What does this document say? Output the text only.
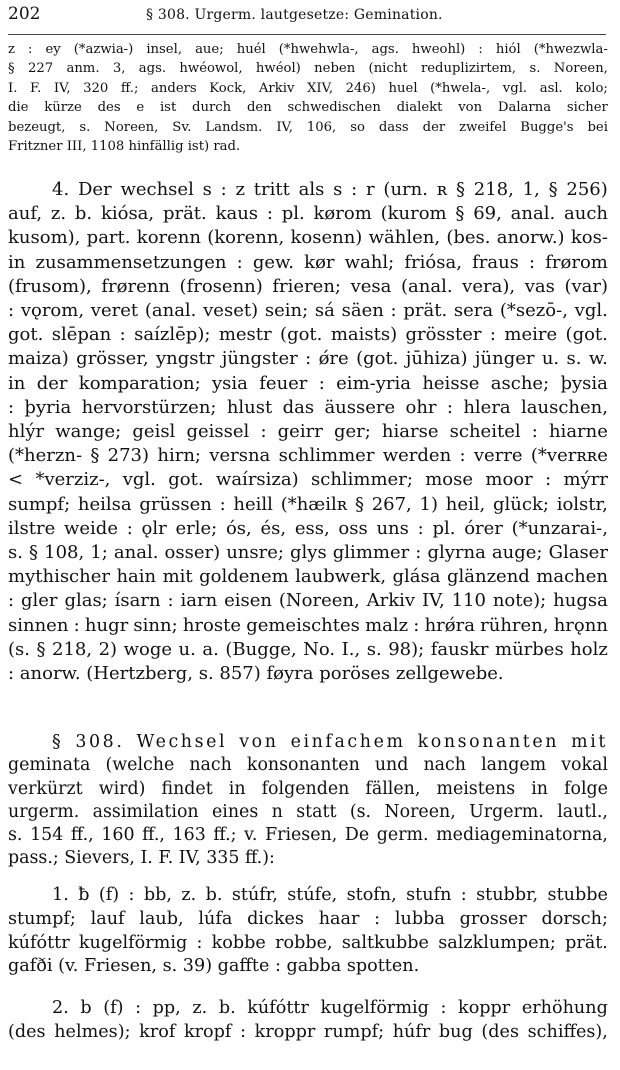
202	§ 308. Urgerm. lautgesetze: Gemination.
z : ey (*azwia-) insel, aue; huél (*hwehwla-, ags. hweohl) : hiól (*hwezwla-
§ 227 anm. 3, ags. hwéowol, hwéol) neben (nicht reduplizirtem, s. Noreen,
I. F. IV, 320 ff.; anders Kock, Arkiv XIV, 246) huel (*hwela-, vgl. asl. kolo;
die kürze des e ist durch den schwedischen dialekt von Dalarna sicher
bezeugt, s. Noreen, Sv. Landsm. IV, 106, so dass der zweifel Bugge's bei
Fritzner III, 1108 hinfällig ist) rad.
4. Der wechsel s : z tritt als s : r (urn. ʀ § 218, 1, § 256)
auf, z. b. kiósa, prät. kaus : pl. kørom (kurom § 69, anal. auch
kusom), part. korenn (korenn, kosenn) wählen, (bes. anorw.) kos-
in zusammensetzungen : gew. kør wahl; friósa, fraus : frørom
(frusom), frørenn (frosenn) frieren; vesa (anal. vera), vas (var)
: vǫrom, veret (anal. veset) sein; sá säen : prät. sera (*sezō-, vgl.
got. slēpan : saízlēp); mestr (got. maists) grösster : meire (got.
maiza) grösser, yngstr jüngster : ǿre (got. jūhiza) jünger u. s. w.
in der komparation; ysia feuer : eim-yria heisse asche; þysia
: þyria hervorstürzen; hlust das äussere ohr : hlera lauschen,
hlýr wange; geisl geissel : geirr ger; hiarse scheitel : hiarne
(*herzn- § 273) hirn; versna schlimmer werden : verre (*verʀʀe
< *verziz-, vgl. got. waírsiza) schlimmer; mose moor : mýrr
sumpf; heilsa grüssen : heill (*hæilʀ § 267, 1) heil, glück; iolstr,
ilstre weide : ǫlr erle; ós, és, ess, oss uns : pl. órer (*unzarai-,
s. § 108, 1; anal. osser) unsre; glys glimmer : glyrna auge; Glaser
mythischer hain mit goldenem laubwerk, glása glänzend machen
: gler glas; ísarn : iarn eisen (Noreen, Arkiv IV, 110 note); hugsa
sinnen : hugr sinn; hroste gemeischtes malz : hrǿra rühren, hrǫnn
(s. § 218, 2) woge u. a. (Bugge, No. I., s. 98); fauskr mürbes holz
: anorw. (Hertzberg, s. 857) føyra poröses zellgewebe.
§ 308. Wechsel von einfachem konsonanten mit
geminata (welche nach konsonanten und nach langem vokal
verkürzt wird) findet in folgenden fällen, meistens in folge
urgerm. assimilation eines n statt (s. Noreen, Urgerm. lautl.,
s. 154 ff., 160 ff., 163 ff.; v. Friesen, De germ. mediageminatorna,
pass.; Sievers, I. F. IV, 335 ff.):
1. ƀ (f) : bb, z. b. stúfr, stúfe, stofn, stufn : stubbr, stubbe
stumpf; lauf laub, lúfa dickes haar : lubba grosser dorsch;
kúfóttr kugelförmig : kobbe robbe, saltkubbe salzklumpen; prät.
gafði (v. Friesen, s. 39) gaffte : gabba spotten.
2. b (f) : pp, z. b. kúfóttr kugelförmig : koppr erhöhung
(des helmes); krof kropf : kroppr rumpf; húfr bug (des schiffes),
